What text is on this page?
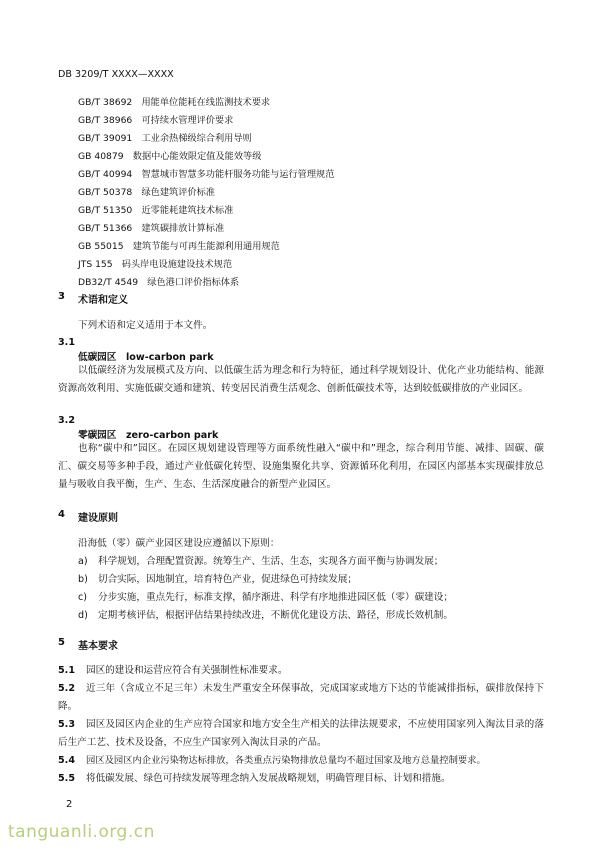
DB 3209/T XXXX—XXXX
GB/T 38692　用能单位能耗在线监测技术要求
GB/T 38966　可持续水管理评价要求
GB/T 39091　工业余热梯级综合利用导则
GB 40879　数据中心能效限定值及能效等级
GB/T 40994　智慧城市智慧多功能杆服务功能与运行管理规范
GB/T 50378　绿色建筑评价标准
GB/T 51350　近零能耗建筑技术标准
GB/T 51366　建筑碳排放计算标准
GB 55015　建筑节能与可再生能源利用通用规范
JTS 155　码头岸电设施建设技术规范
DB32/T 4549　绿色港口评价指标体系
3 术语和定义
下列术语和定义适用于本文件。
3.1
低碳园区　low-carbon park
以低碳经济为发展模式及方向、以低碳生活为理念和行为特征，通过科学规划设计、优化产业功能结构、能源资源高效利用、实施低碳交通和建筑、转变居民消费生活观念、创新低碳技术等，达到较低碳排放的产业园区。
3.2
零碳园区　zero-carbon park
也称“碳中和”园区。在园区规划建设管理等方面系统性融入“碳中和”理念，综合利用节能、减排、固碳、碳汇、碳交易等多种手段，通过产业低碳化转型、设施集聚化共享、资源循环化利用，在园区内部基本实现碳排放总量与吸收自我平衡，生产、生态、生活深度融合的新型产业园区。
4 建设原则
沿海低（零）碳产业园区建设应遵循以下原则：
a) 科学规划，合理配置资源。统筹生产、生活、生态，实现各方面平衡与协调发展；
b) 切合实际，因地制宜，培育特色产业，促进绿色可持续发展；
c) 分步实施，重点先行，标准支撑，循序渐进、科学有序地推进园区低（零）碳建设；
d) 定期考核评估，根据评估结果持续改进，不断优化建设方法、路径，形成长效机制。
5 基本要求
5.1 园区的建设和运营应符合有关强制性标准要求。
5.2	近三年（含成立不足三年）未发生严重安全环保事故，完成国家或地方下达的节能减排指标，碳排放保持下降。
5.3	园区及园区内企业的生产应符合国家和地方安全生产相关的法律法规要求，不应使用国家列入淘汰目录的落后生产工艺、技术及设备，不应生产国家列入淘汰目录的产品。
5.4 园区及园区内企业污染物达标排放，各类重点污染物排放总量均不超过国家及地方总量控制要求。
5.5 将低碳发展、绿色可持续发展等理念纳入发展战略规划，明确管理目标、计划和措施。
2
tanguanli.org.cn
